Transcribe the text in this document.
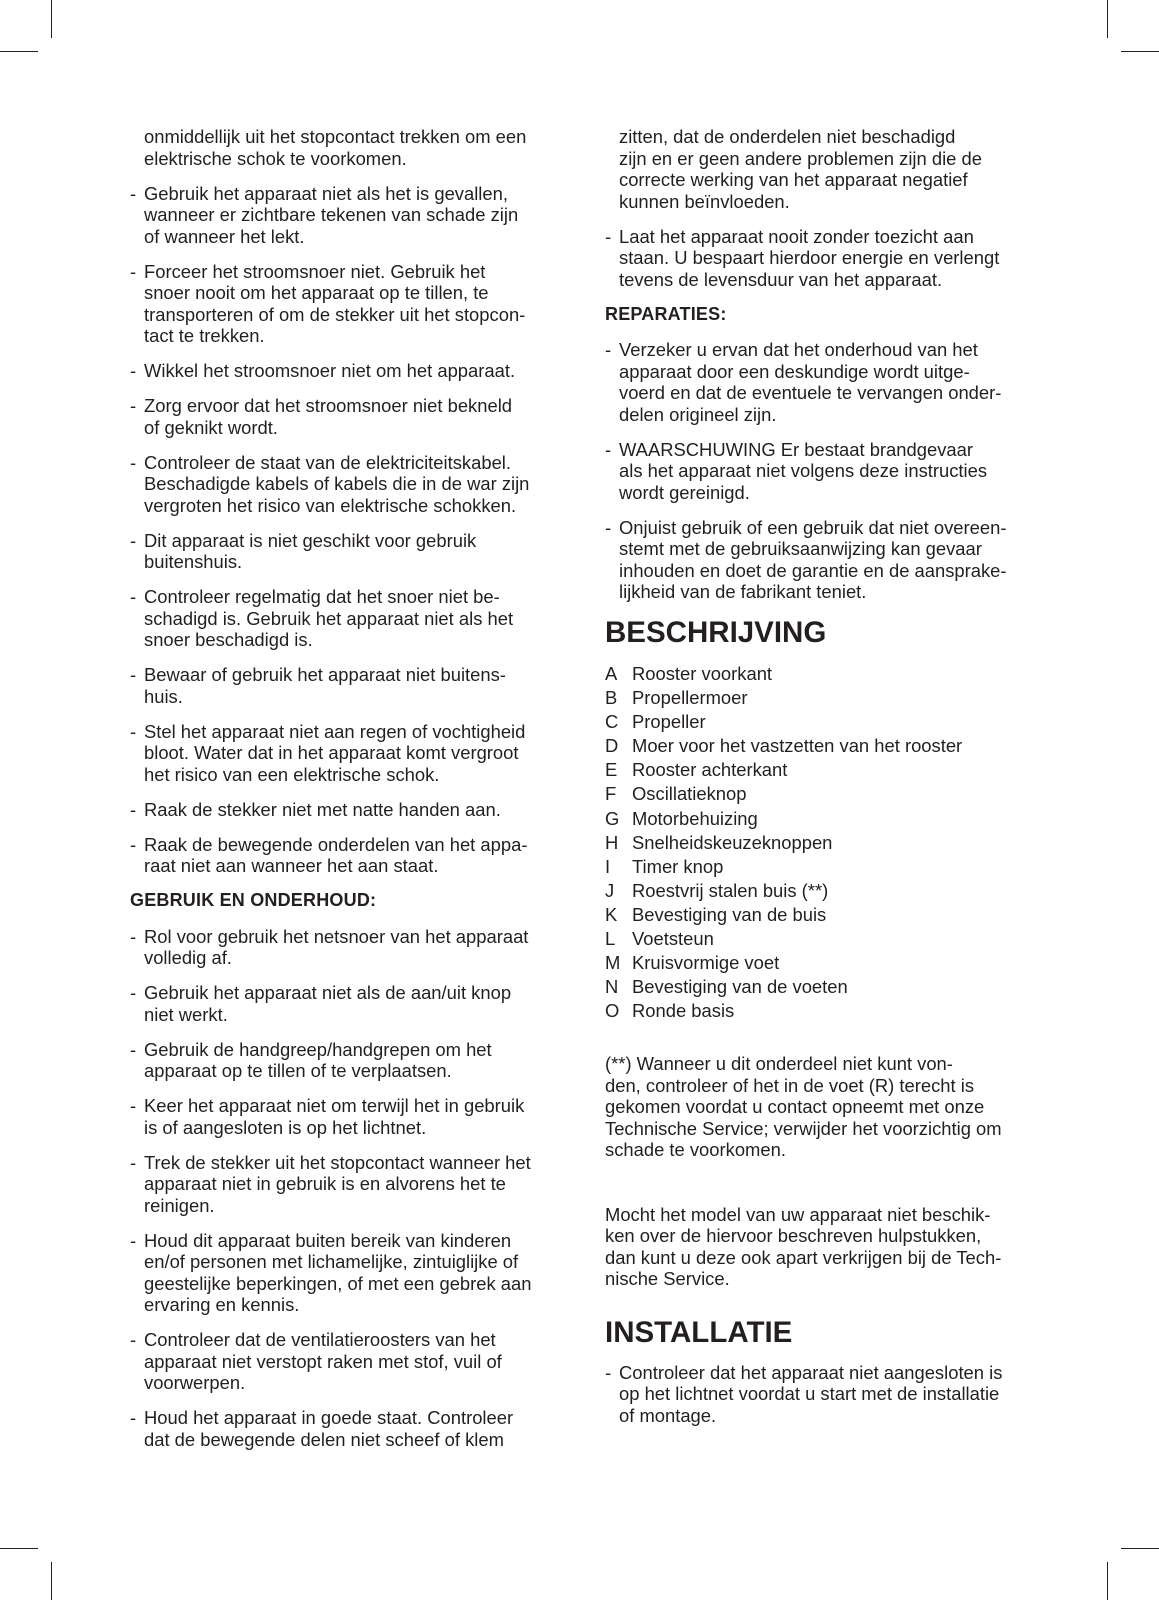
onmiddellijk uit het stopcontact trekken om een
elektrische schok te voorkomen.
- Gebruik het apparaat niet als het is gevallen,
wanneer er zichtbare tekenen van schade zijn
of wanneer het lekt.
- Forceer het stroomsnoer niet. Gebruik het
snoer nooit om het apparaat op te tillen, te
transporteren of om de stekker uit het stopcon-
tact te trekken.
- Wikkel het stroomsnoer niet om het apparaat.
- Zorg ervoor dat het stroomsnoer niet bekneld
of geknikt wordt.
- Controleer de staat van de elektriciteitskabel.
Beschadigde kabels of kabels die in de war zijn
vergroten het risico van elektrische schokken.
- Dit apparaat is niet geschikt voor gebruik
buitenshuis.
- Controleer regelmatig dat het snoer niet be-
schadigd is. Gebruik het apparaat niet als het
snoer beschadigd is.
- Bewaar of gebruik het apparaat niet buitens-
huis.
- Stel het apparaat niet aan regen of vochtigheid
bloot. Water dat in het apparaat komt vergroot
het risico van een elektrische schok.
- Raak de stekker niet met natte handen aan.
- Raak de bewegende onderdelen van het appa-
raat niet aan wanneer het aan staat.
GEBRUIK EN ONDERHOUD:
- Rol voor gebruik het netsnoer van het apparaat
volledig af.
- Gebruik het apparaat niet als de aan/uit knop
niet werkt.
- Gebruik de handgreep/handgrepen om het
apparaat op te tillen of te verplaatsen.
- Keer het apparaat niet om terwijl het in gebruik
is of aangesloten is op het lichtnet.
- Trek de stekker uit het stopcontact wanneer het
apparaat niet in gebruik is en alvorens het te
reinigen.
- Houd dit apparaat buiten bereik van kinderen
en/of personen met lichamelijke, zintuiglijke of
geestelijke beperkingen, of met een gebrek aan
ervaring en kennis.
- Controleer dat de ventilatieroosters van het
apparaat niet verstopt raken met stof, vuil of
voorwerpen.
- Houd het apparaat in goede staat. Controleer
dat de bewegende delen niet scheef of klem
zitten, dat de onderdelen niet beschadigd
zijn en er geen andere problemen zijn die de
correcte werking van het apparaat negatief
kunnen beïnvloeden.
- Laat het apparaat nooit zonder toezicht aan
staan. U bespaart hierdoor energie en verlengt
tevens de levensduur van het apparaat.
REPARATIES:
- Verzeker u ervan dat het onderhoud van het
apparaat door een deskundige wordt uitge-
voerd en dat de eventuele te vervangen onder-
delen origineel zijn.
- WAARSCHUWING Er bestaat brandgevaar
als het apparaat niet volgens deze instructies
wordt gereinigd.
- Onjuist gebruik of een gebruik dat niet overeen-
stemt met de gebruiksaanwijzing kan gevaar
inhouden en doet de garantie en de aansprake-
lijkheid van de fabrikant teniet.
BESCHRIJVING
A Rooster voorkant
B Propellermoer
C Propeller
D Moer voor het vastzetten van het rooster
E Rooster achterkant
F Oscillatieknop
G Motorbehuizing
H Snelheidskeuzeknoppen
I	Timer knop
J Roestvrij stalen buis (**)
K Bevestiging van de buis
L Voetsteun
M Kruisvormige voet
N Bevestiging van de voeten
O Ronde basis
(**) Wanneer u dit onderdeel niet kunt von-
den, controleer of het in de voet (R) terecht is
gekomen voordat u contact opneemt met onze
Technische Service; verwijder het voorzichtig om
schade te voorkomen.
Mocht het model van uw apparaat niet beschik-
ken over de hiervoor beschreven hulpstukken,
dan kunt u deze ook apart verkrijgen bij de Tech-
nische Service.
INSTALLATIE
- Controleer dat het apparaat niet aangesloten is
op het lichtnet voordat u start met de installatie
of montage.
